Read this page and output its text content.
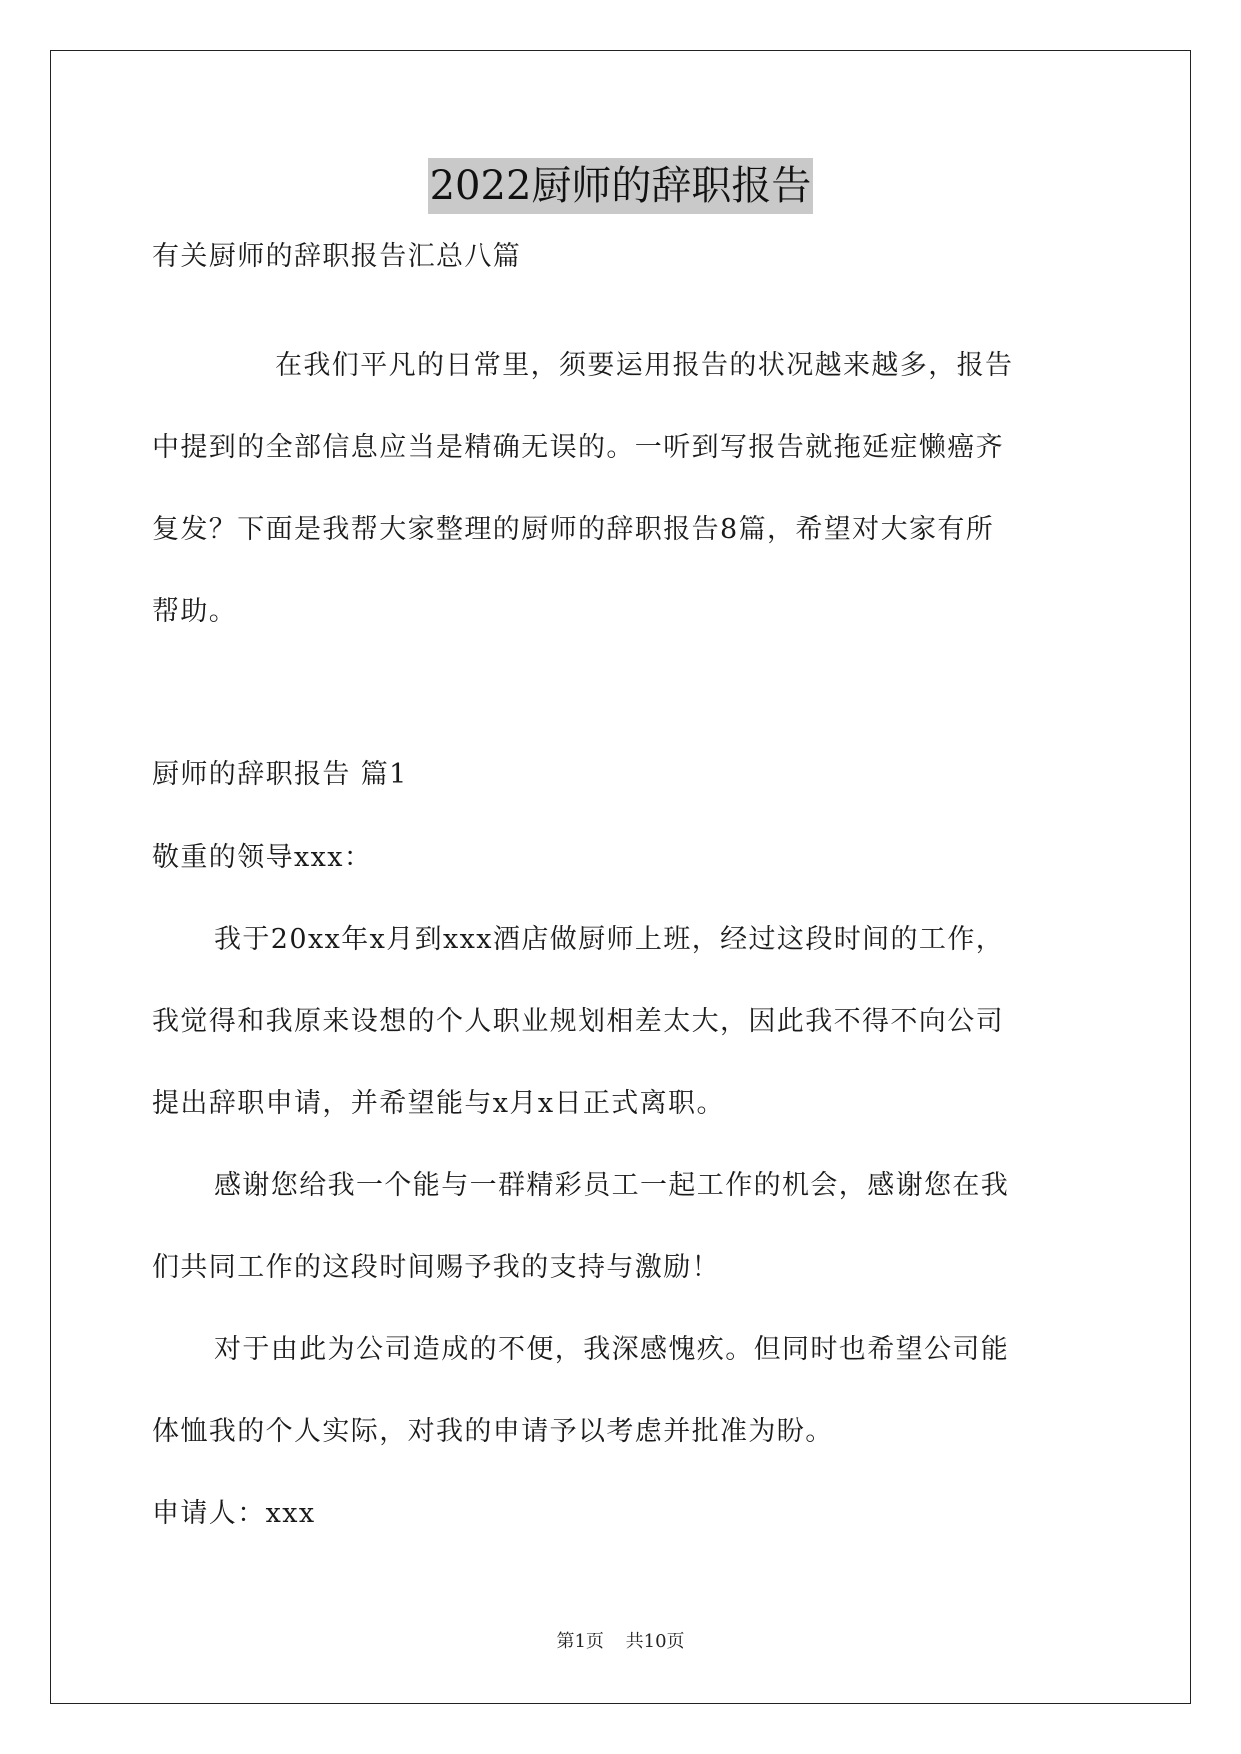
2022厨师的辞职报告
有关厨师的辞职报告汇总八篇
在我们平凡的日常里，须要运用报告的状况越来越多，报告
中提到的全部信息应当是精确无误的。一听到写报告就拖延症懒癌齐
复发？下面是我帮大家整理的厨师的辞职报告8篇，希望对大家有所
帮助。
厨师的辞职报告 篇1
敬重的领导xxx：
我于20xx年x月到xxx酒店做厨师上班，经过这段时间的工作，
我觉得和我原来设想的个人职业规划相差太大，因此我不得不向公司
提出辞职申请，并希望能与x月x日正式离职。
感谢您给我一个能与一群精彩员工一起工作的机会，感谢您在我
们共同工作的这段时间赐予我的支持与激励！
对于由此为公司造成的不便，我深感愧疚。但同时也希望公司能
体恤我的个人实际，对我的申请予以考虑并批准为盼。
申请人：xxx
第1页 共10页
